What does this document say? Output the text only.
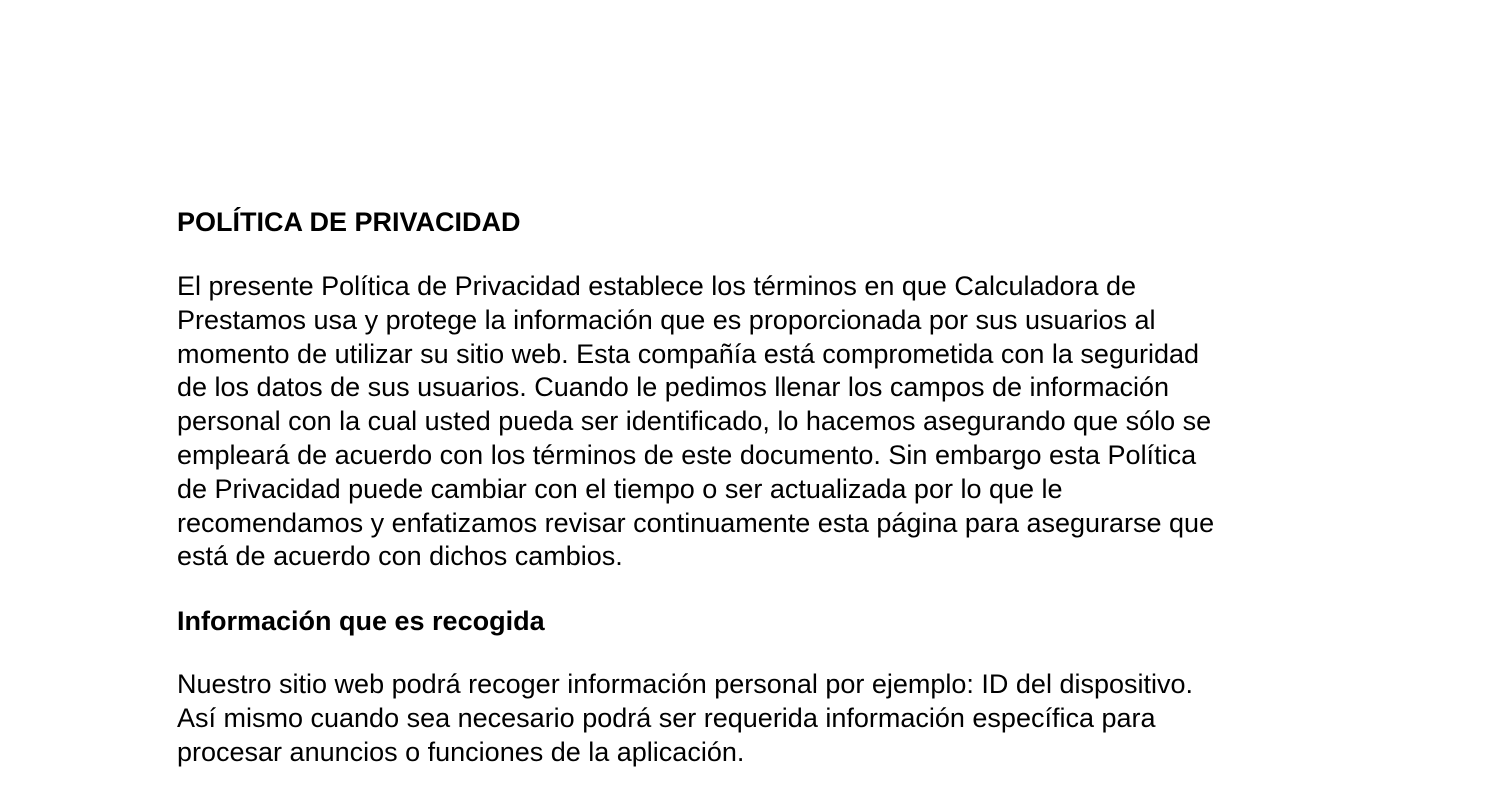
POLÍTICA DE PRIVACIDAD

El presente Política de Privacidad establece los términos en que Calculadora de
Prestamos usa y protege la información que es proporcionada por sus usuarios al
momento de utilizar su sitio web. Esta compañía está comprometida con la seguridad
de los datos de sus usuarios. Cuando le pedimos llenar los campos de información
personal con la cual usted pueda ser identificado, lo hacemos asegurando que sólo se
empleará de acuerdo con los términos de este documento. Sin embargo esta Política
de Privacidad puede cambiar con el tiempo o ser actualizada por lo que le
recomendamos y enfatizamos revisar continuamente esta página para asegurarse que
está de acuerdo con dichos cambios.

Información que es recogida

Nuestro sitio web podrá recoger información personal por ejemplo: ID del dispositivo.
Así mismo cuando sea necesario podrá ser requerida información específica para
procesar anuncios o funciones de la aplicación.
